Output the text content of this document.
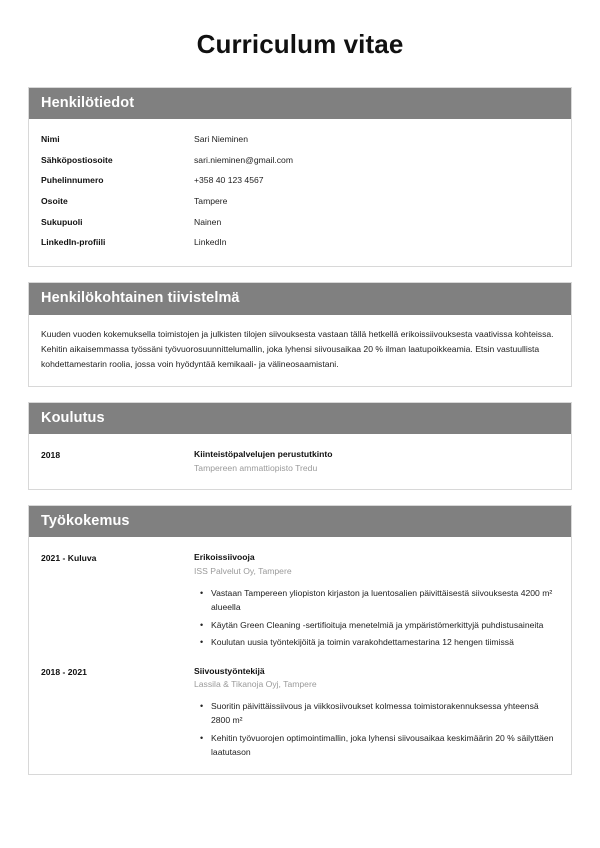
Curriculum vitae
Henkilötiedot
Nimi	Sari Nieminen
Sähköpostiosoite	sari.nieminen@gmail.com
Puhelinnumero	+358 40 123 4567
Osoite	Tampere
Sukupuoli	Nainen
LinkedIn-profiili	LinkedIn
Henkilökohtainen tiivistelmä

Kuuden vuoden kokemuksella toimistojen ja julkisten tilojen siivouksesta vastaan tällä hetkellä erikoissiivouksesta vaativissa kohteissa. Kehitin aikaisemmassa työssäni työvuorosuunnittelumallin, joka lyhensi siivousaikaa 20 % ilman laatupoikkeamia. Etsin vastuullista kohdettamestarin roolia, jossa voin hyödyntää kemikaali- ja välineosaamistani.

Koulutus
2018	Kiinteistöpalvelujen perustutkinto
Tampereen ammattiopisto Tredu
Työkokemus
2021 - Kuluva	Erikoissiivooja
ISS Palvelut Oy, Tampere
• Vastaan Tampereen yliopiston kirjaston ja luentosalien päivittäisestä siivouksesta 4200 m² alueella
• Käytän Green Cleaning -sertifioituja menetelmiä ja ympäristömerkittyjä puhdistusaineita
• Koulutan uusia työntekijöitä ja toimin varakohdettamestarina 12 hengen tiimissä
2018 - 2021	Siivoustyöntekijä
Lassila & Tikanoja Oyj, Tampere
• Suoritin päivittäissiivous ja viikkosiivoukset kolmessa toimistorakennuksessa yhteensä 2800 m²
• Kehitin työvuorojen optimointimallin, joka lyhensi siivousaikaa keskimäärin 20 % säilyttäen laatutason
